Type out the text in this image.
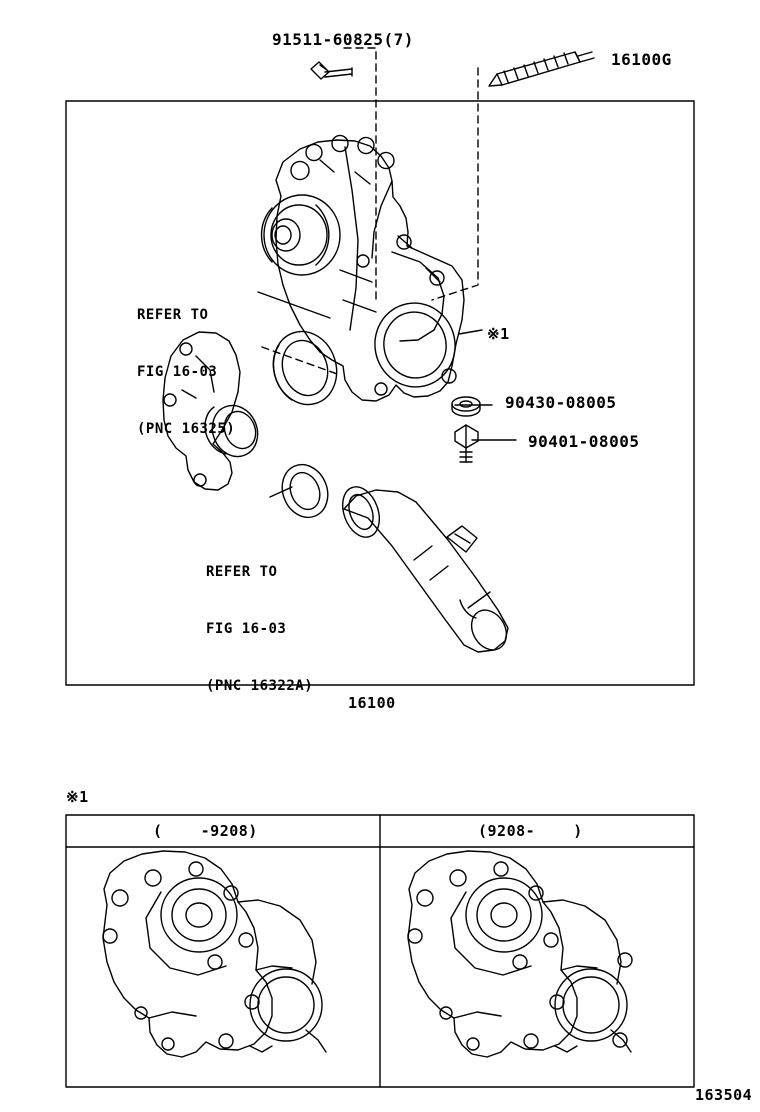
91511-60825(7)
16100G
※1
90430-08005
90401-08005
16100

REFER TO

FIG 16-03

(PNC 16325)

REFER TO

FIG 16-03

(PNC 16322A)

※1
(    -9208)	(9208-    )
163504
